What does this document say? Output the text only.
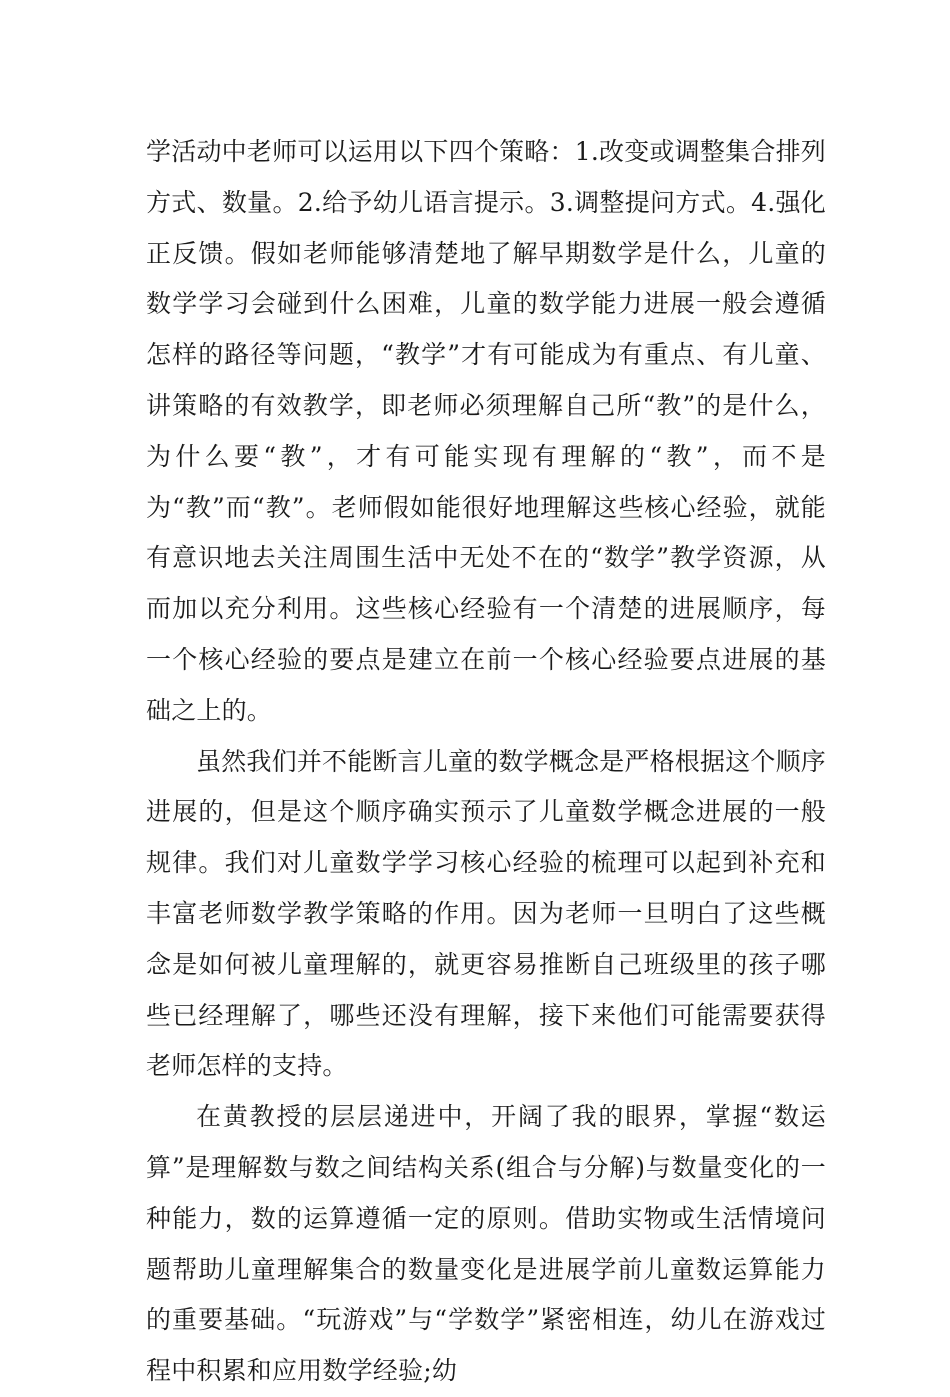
学活动中老师可以运用以下四个策略：1.改变或调整集合排列方式、数量。2.给予幼儿语言提示。3.调整提问方式。4.强化正反馈。假如老师能够清楚地了解早期数学是什么，儿童的数学学习会碰到什么困难，儿童的数学能力进展一般会遵循怎样的路径等问题，“教学”才有可能成为有重点、有儿童、讲策略的有效教学，即老师必须理解自己所“教”的是什么，为什么要“教”，才有可能实现有理解的“教”，而不是为“教”而“教”。老师假如能很好地理解这些核心经验，就能有意识地去关注周围生活中无处不在的“数学”教学资源，从而加以充分利用。这些核心经验有一个清楚的进展顺序，每一个核心经验的要点是建立在前一个核心经验要点进展的基础之上的。

虽然我们并不能断言儿童的数学概念是严格根据这个顺序进展的，但是这个顺序确实预示了儿童数学概念进展的一般规律。我们对儿童数学学习核心经验的梳理可以起到补充和丰富老师数学教学策略的作用。因为老师一旦明白了这些概念是如何被儿童理解的，就更容易推断自己班级里的孩子哪些已经理解了，哪些还没有理解，接下来他们可能需要获得老师怎样的支持。

在黄教授的层层递进中，开阔了我的眼界，掌握“数运算”是理解数与数之间结构关系(组合与分解)与数量变化的一种能力，数的运算遵循一定的原则。借助实物或生活情境问题帮助儿童理解集合的数量变化是进展学前儿童数运算能力的重要基础。“玩游戏”与“学数学”紧密相连，幼儿在游戏过程中积累和应用数学经验;幼
